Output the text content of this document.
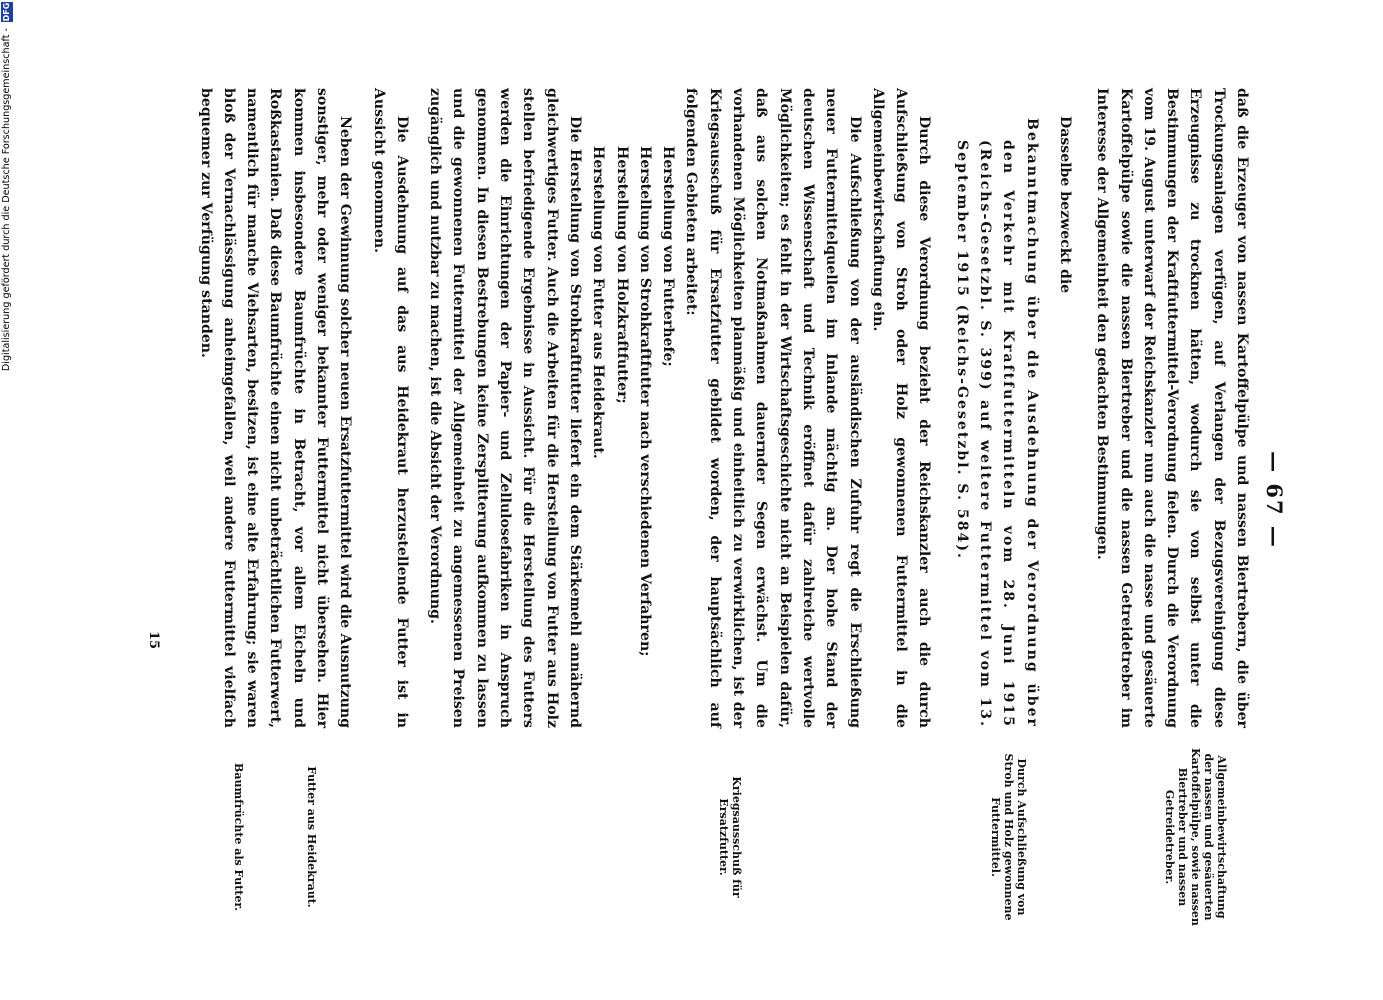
— 67 —

daß die Erzeuger von nassen Kartoffelpülpe und nassen Biertrebern, die über Trockungsanlagen verfügen, auf Verlangen der Bezugsvereinigung diese Erzeugnisse zu trocknen hätten, wodurch sie von selbst unter die Bestimmungen der Kraftfuttermittel-Verordnung fielen. Durch die Verordnung vom 19. August unterwarf der Reichskanzler nun auch die nasse und gesäuerte Kartoffelpülpe sowie die nassen Biertreber und die nassen Getreidetreber im Interesse der Allgemeinheit den gedachten Bestimmungen.

Dasselbe bezweckt die

Bekanntmachung über die Ausdehnung der Verordnung über den Verkehr mit Kraftfuttermitteln vom 28. Juni 1915 (Reichs-Gesetzbl. S. 399) auf weitere Futtermittel vom 13. September 1915 (Reichs-Gesetzbl. S. 584).

Durch diese Verordnung bezieht der Reichskanzler auch die durch Aufschließung von Stroh oder Holz gewonnenen Futtermittel in die Allgemeinbewirtschaftung ein.

Die Aufschließung von der ausländischen Zufuhr regt die Erschließung neuer Futtermittelquellen im Inlande mächtig an. Der hohe Stand der deutschen Wissenschaft und Technik eröffnet dafür zahlreiche wertvolle Möglichkeiten; es fehlt in der Wirtschaftsgeschichte nicht an Beispielen dafür, daß aus solchen Notmaßnahmen dauernder Segen erwächst. Um die vorhandenen Möglichkeiten planmäßig und einheitlich zu verwirklichen, ist der Kriegsausschuß für Ersatzfutter gebildet worden, der hauptsächlich auf folgenden Gebieten arbeitet:

Herstellung von Futterhefe;

Herstellung von Strohkraftfutter nach verschiedenen Verfahren;

Herstellung von Holzkraftfutter;

Herstellung von Futter aus Heidekraut.

Die Herstellung von Strohkraftfutter liefert ein dem Stärkemehl annähernd gleichwertiges Futter. Auch die Arbeiten für die Herstellung von Futter aus Holz stellen befriedigende Ergebnisse in Aussicht. Für die Herstellung des Futters werden die Einrichtungen der Papier- und Zellulosefabriken in Anspruch genommen. In diesen Bestrebungen keine Zersplitterung aufkommen zu lassen und die gewonnenen Futtermittel der Allgemeinheit zu angemessenen Preisen zugänglich und nutzbar zu machen, ist die Absicht der Verordnung.

Die Ausdehnung auf das aus Heidekraut herzustellende Futter ist in Aussicht genommen.

Neben der Gewinnung solcher neuen Ersatzfuttermittel wird die Ausnutzung sonstiger, mehr oder weniger bekannter Futtermittel nicht übersehen. Hier kommen insbesondere Baumfrüchte in Betracht, vor allem Eicheln und Roßkastanien. Daß diese Baumfrüchte einen nicht unbeträchtlichen Futterwert, namentlich für manche Viehsarten, besitzen, ist eine alte Erfahrung; sie waren bloß der Vernachlässigung anheimgefallen, weil andere Futtermittel vielfach bequemer zur Verfügung standen.

Allgemeinbewirtschaftung der nassen und gesäuerten Kartoffelpülpe, sowie nassen Biertreber und nassen Getreidetreber.
Durch Aufschließung von Stroh und Holz gewonnene Futtermittel.
Kriegsausschuß für Ersatzfutter.
Futter aus Heidekraut.
Baumfrüchte als Futter.
15
DFG
Digitalisierung gefördert durch die Deutsche Forschungsgemeinschaft -
